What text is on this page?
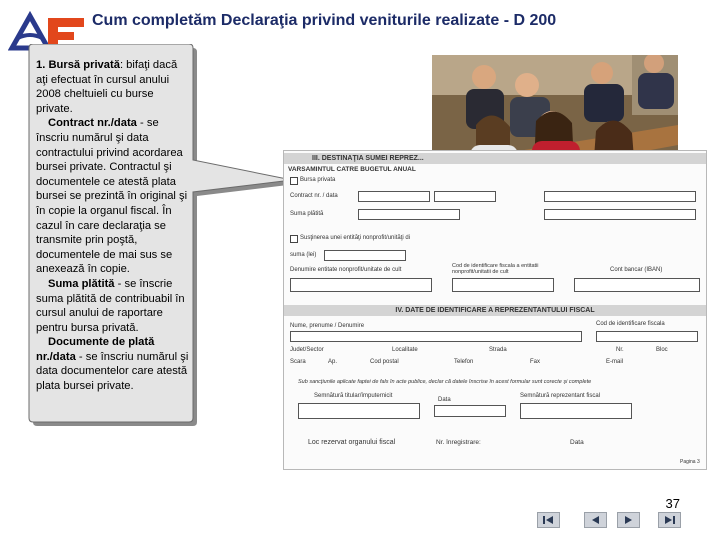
Cum completăm Declaraţia privind veniturile realizate - D 200

1. Bursă privată: bifaţi dacă aţi efectuat în cursul anului 2008 cheltuieli cu burse private.

Contract nr./data - se înscriu numărul şi data contractului privind acordarea bursei private. Contractul şi documentele ce atestă plata bursei se prezintă în original şi în copie la organul fiscal. În cazul în care declaraţia se transmite prin poştă, documentele de mai sus se anexează în copie.

Suma plătită - se înscrie suma plătită de contribuabil în cursul anului de raportare pentru bursa privată.

Documente de plată nr./data - se înscriu numărul şi data documentelor care atestă plata bursei private.

III. DESTINAŢIA SUMEI REPREZ...
VARSAMINTUL CATRE BUGETUL ANUAL
Bursa privata
Contract nr. / data
Suma plătită
Susţinerea unei entităţi nonprofit/unităţi di
suma (lei)
Denumire entitate nonprofit/unitate de cult
Cod de identificare fiscala a entitatii nonprofit/unitatii de cult	Cont bancar (IBAN)
IV. DATE DE IDENTIFICARE A REPREZENTANTULUI FISCAL
Nume, prenume / Denumire	Cod de identificare fiscala
Judet/Sector	Localitate	Strada	Nr.	Bloc
Scara	Ap.	Cod postal	Telefon	Fax	E-mail
Sub sancţiunile aplicate faptei de fals în acte publice, declar că datele înscrise în acest formular sunt corecte şi complete
Semnătură titular/împuternicit
Data
Semnătură reprezentant fiscal
Loc rezervat organului fiscal	Nr. înregistrare:	Data
Pagina 3
37
